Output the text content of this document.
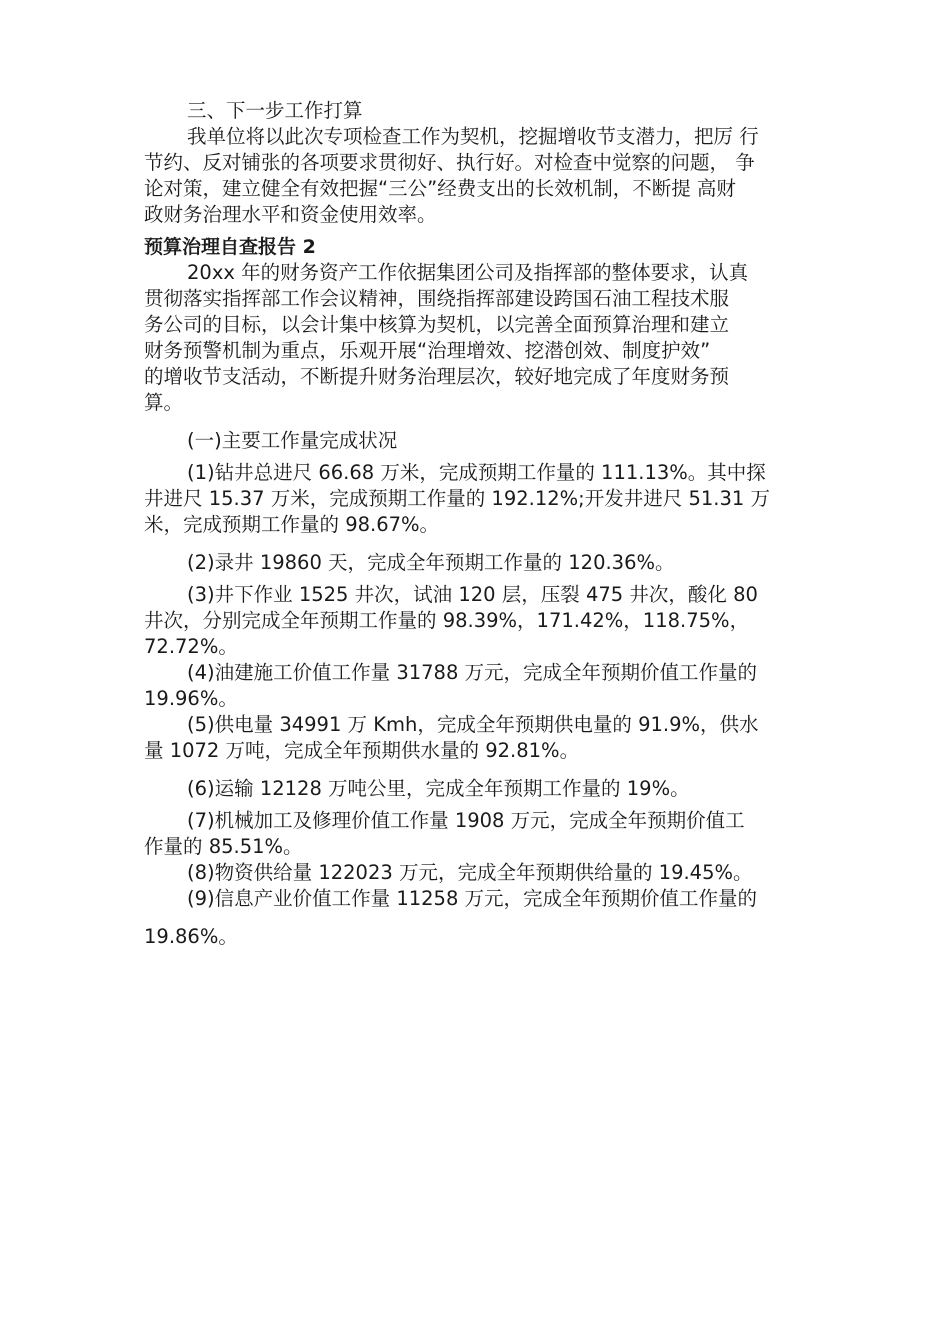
三、下一步工作打算

我单位将以此次专项检查工作为契机，挖掘增收节支潜力，把厉 行

节约、反对铺张的各项要求贯彻好、执行好。对检查中觉察的问题， 争

论对策，建立健全有效把握“三公”经费支出的长效机制，不断提 高财

政财务治理水平和资金使用效率。

预算治理自查报告 2

20xx 年的财务资产工作依据集团公司及指挥部的整体要求，认真

贯彻落实指挥部工作会议精神，围绕指挥部建设跨国石油工程技术服

务公司的目标，以会计集中核算为契机，以完善全面预算治理和建立

财务预警机制为重点，乐观开展“治理增效、挖潜创效、制度护效”

的增收节支活动，不断提升财务治理层次，较好地完成了年度财务预

算。

(一)主要工作量完成状况

(1)钻井总进尺 66.68 万米，完成预期工作量的 111.13%。其中探

井进尺 15.37 万米，完成预期工作量的 192.12%;开发井进尺 51.31 万

米，完成预期工作量的 98.67%。

(2)录井 19860 天，完成全年预期工作量的 120.36%。

(3)井下作业 1525 井次，试油 120 层，压裂 475 井次，酸化 80

井次，分别完成全年预期工作量的 98.39%，171.42%，118.75%，

72.72%。

(4)油建施工价值工作量 31788 万元，完成全年预期价值工作量的

19.96%。

(5)供电量 34991 万 Kmh，完成全年预期供电量的 91.9%，供水

量 1072 万吨，完成全年预期供水量的 92.81%。

(6)运输 12128 万吨公里，完成全年预期工作量的 19%。

(7)机械加工及修理价值工作量 1908 万元，完成全年预期价值工

作量的 85.51%。

(8)物资供给量 122023 万元，完成全年预期供给量的 19.45%。

(9)信息产业价值工作量 11258 万元，完成全年预期价值工作量的

19.86%。
